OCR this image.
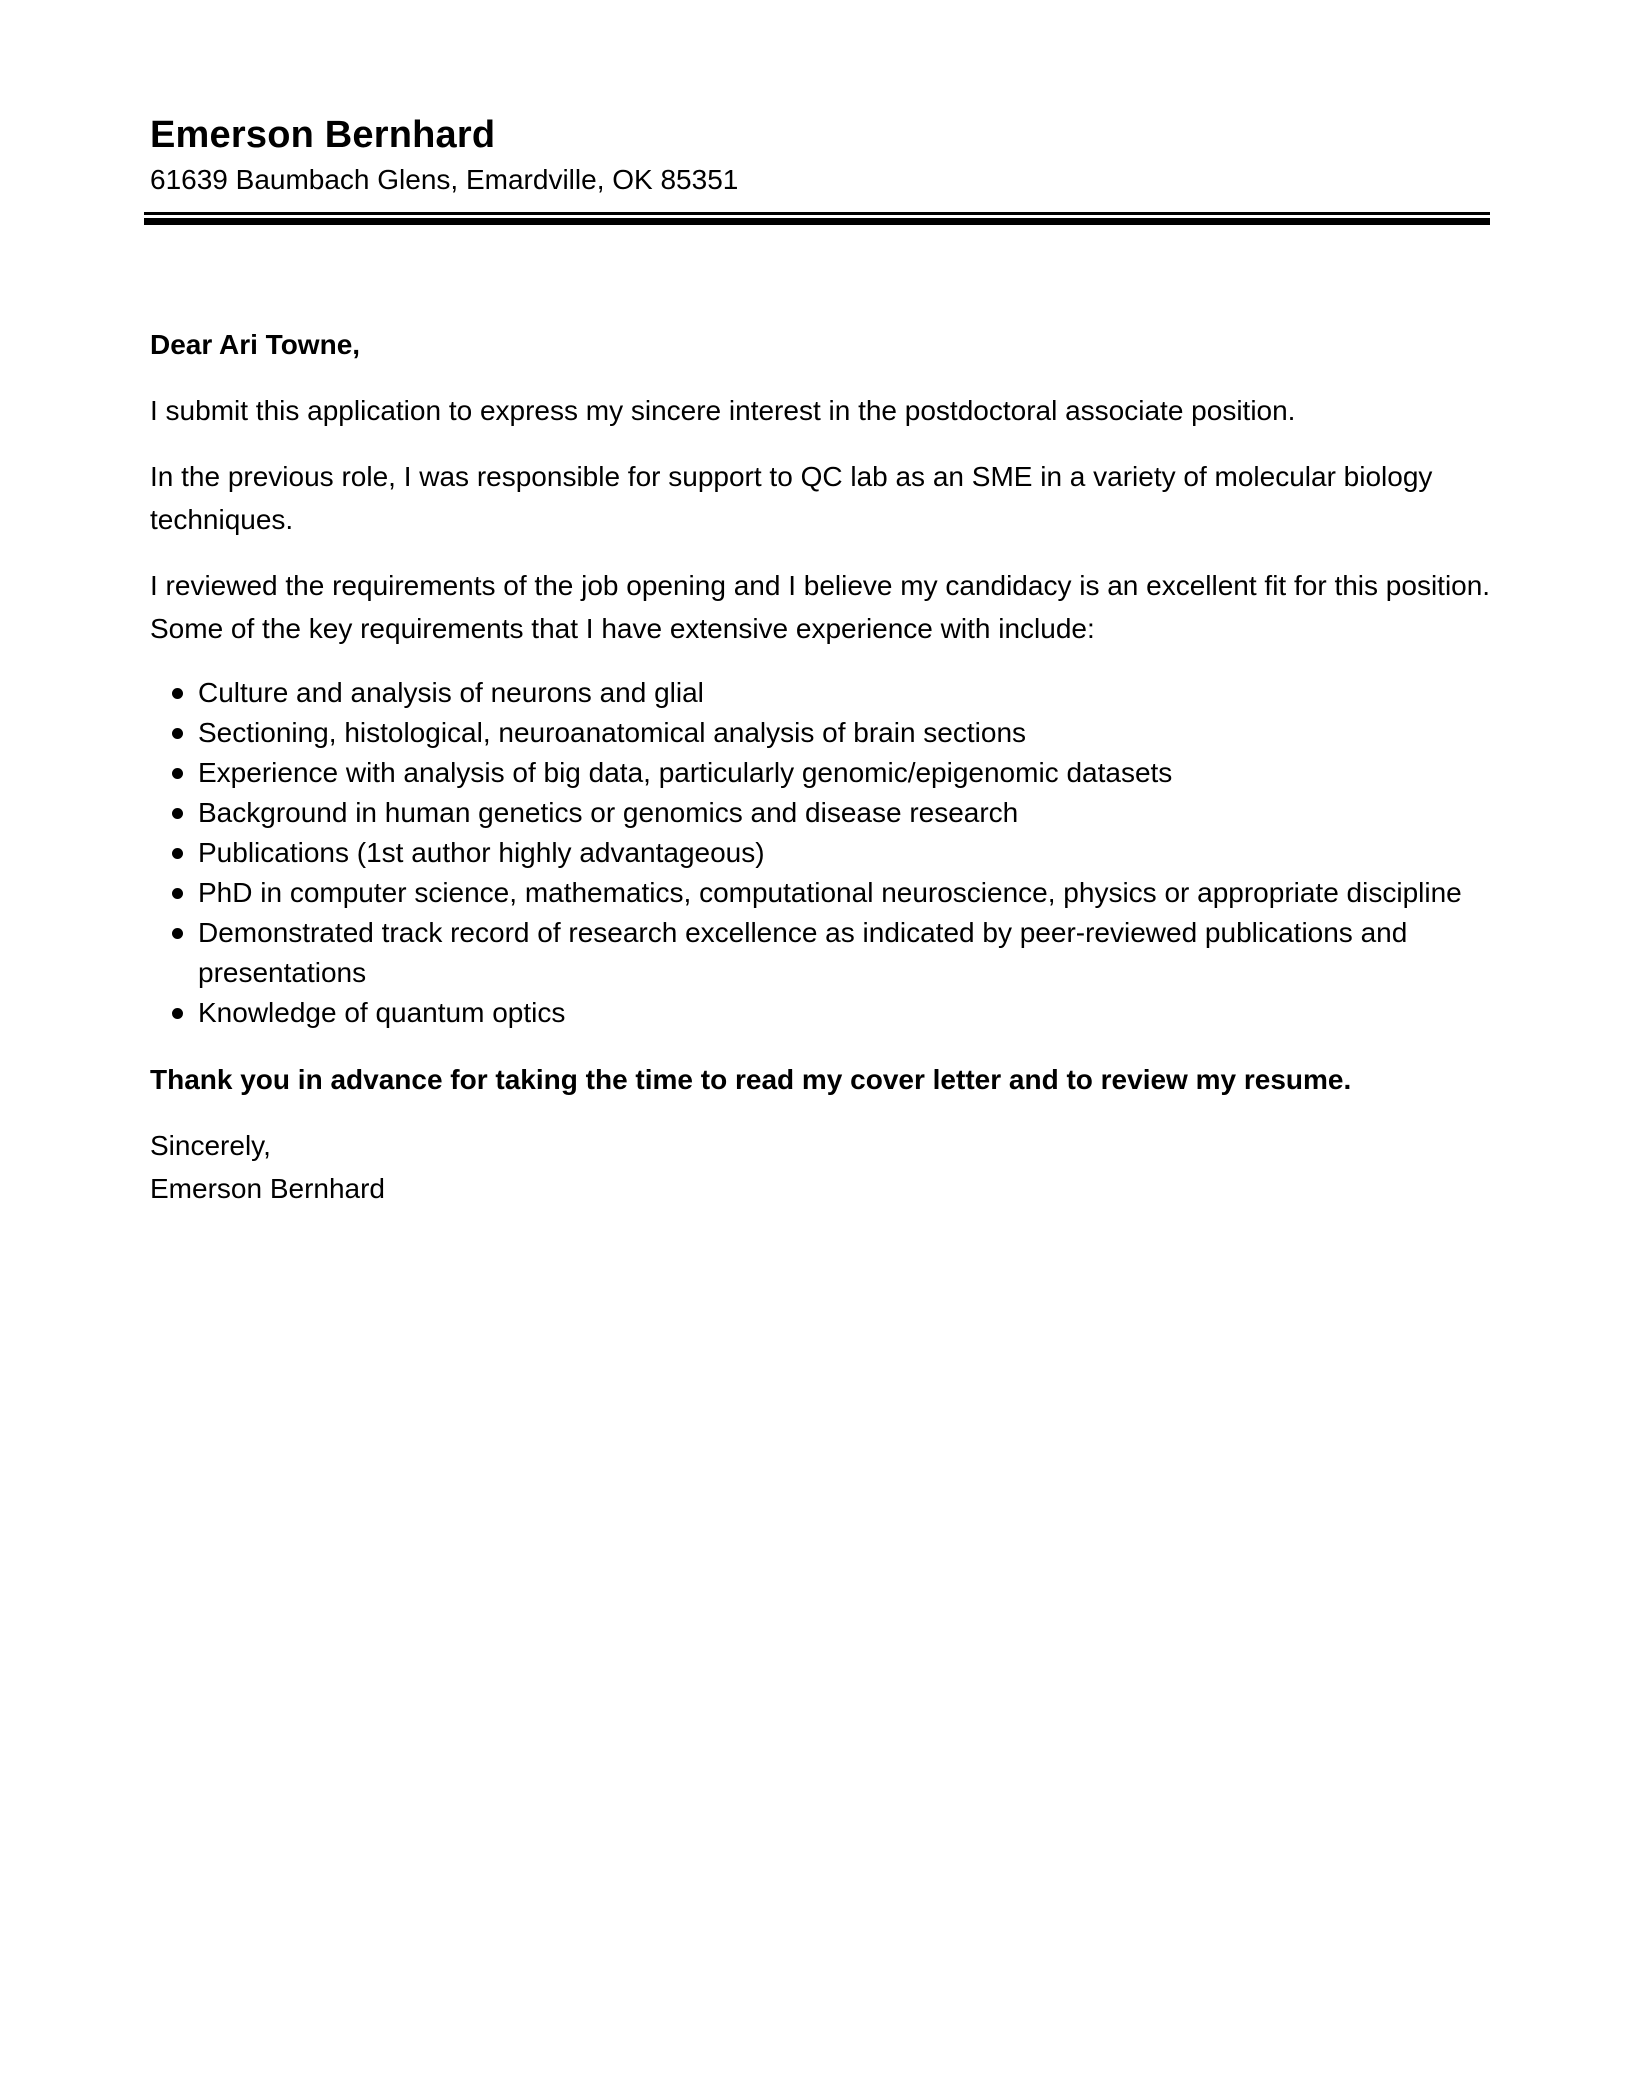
Emerson Bernhard

61639 Baumbach Glens, Emardville, OK 85351

Dear Ari Towne,

I submit this application to express my sincere interest in the postdoctoral associate position.

In the previous role, I was responsible for support to QC lab as an SME in a variety of molecular biology techniques.

I reviewed the requirements of the job opening and I believe my candidacy is an excellent fit for this position. Some of the key requirements that I have extensive experience with include:

Culture and analysis of neurons and glial
Sectioning, histological, neuroanatomical analysis of brain sections
Experience with analysis of big data, particularly genomic/epigenomic datasets
Background in human genetics or genomics and disease research
Publications (1st author highly advantageous)
PhD in computer science, mathematics, computational neuroscience, physics or appropriate discipline
Demonstrated track record of research excellence as indicated by peer-reviewed publications and presentations
Knowledge of quantum optics

Thank you in advance for taking the time to read my cover letter and to review my resume.

Sincerely,

Emerson Bernhard
